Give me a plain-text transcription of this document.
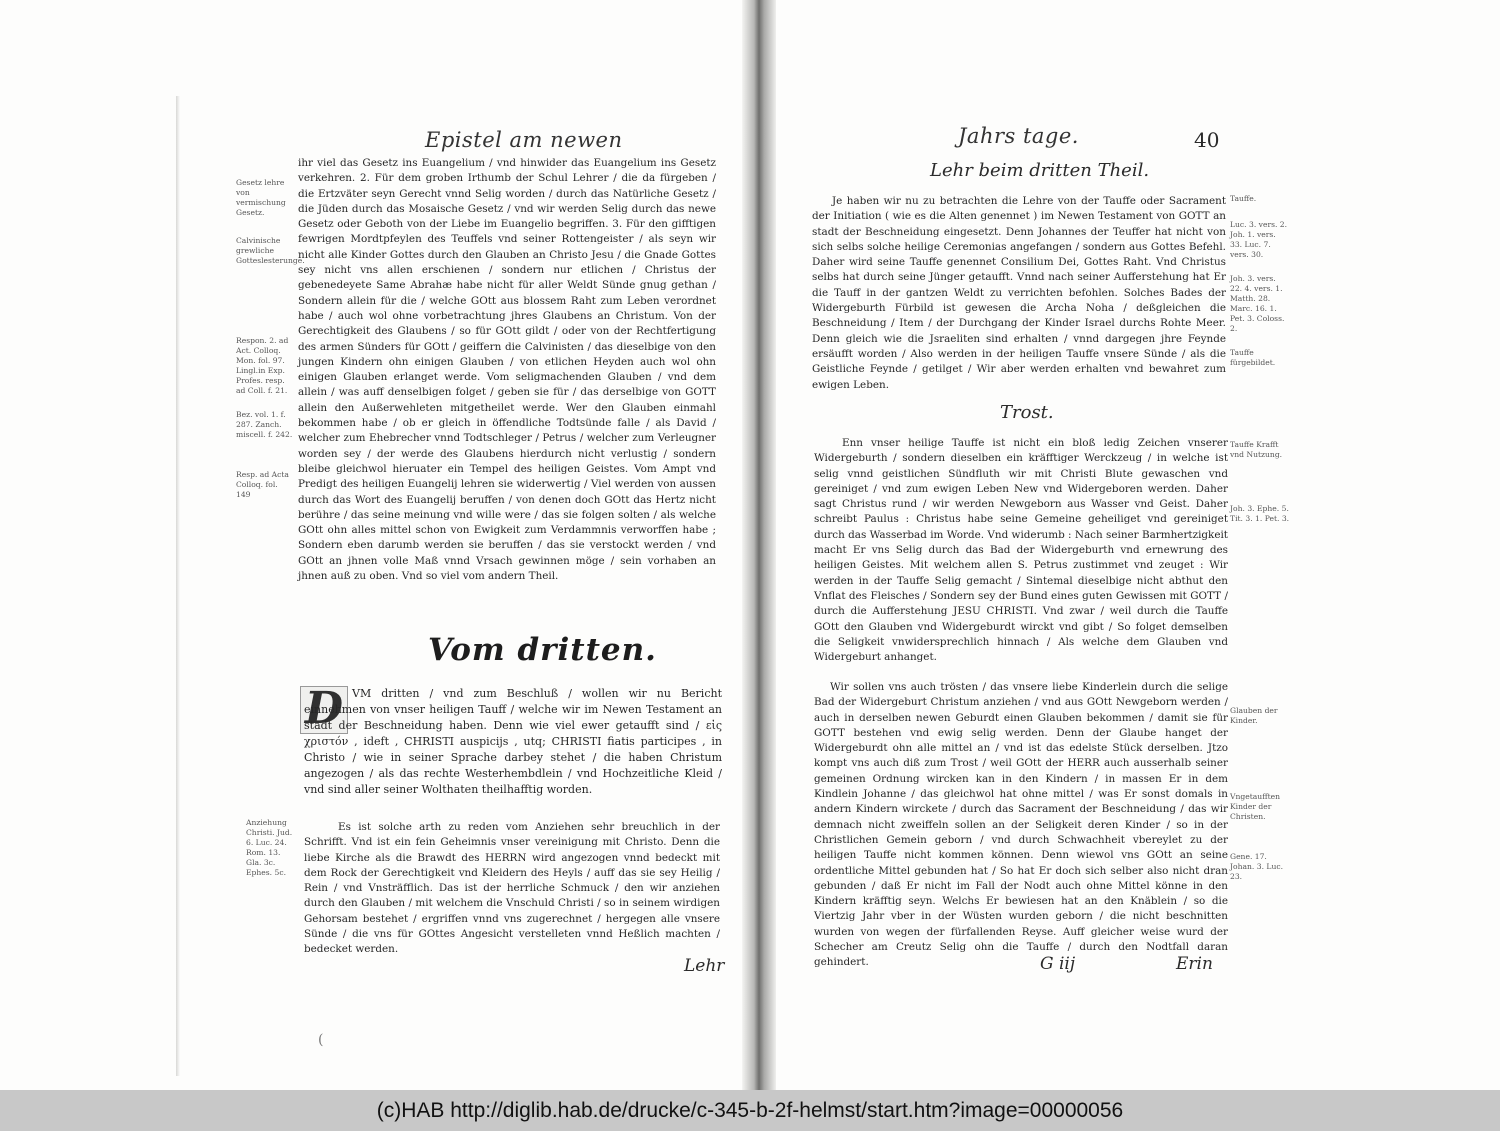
Epistel am newen
Gesetz lehre von vermischung Gesetz.
Calvinische grewliche Gotteslesterunge.
Respon. 2. ad Act. Colloq. Mon. fol. 97. Lingl.in Exp. Profes. resp. ad Coll. f. 21.
Bez. vol. 1. f. 287. Zanch. miscell. f. 242.
Resp. ad Acta Colloq. fol. 149

ihr viel das Gesetz ins Euangelium / vnd hinwider das Euangelium ins Gesetz verkehren. 2. Für dem groben Irthumb der Schul Lehrer / die da fürgeben / die Ertzväter seyn Gerecht vnnd Selig worden / durch das Natürliche Gesetz / die Jüden durch das Mosaische Gesetz / vnd wir werden Selig durch das newe Gesetz oder Geboth von der Liebe im Euangelio begriffen. 3. Für den gifftigen fewrigen Mordtpfeylen des Teuffels vnd seiner Rottengeister / als seyn wir nicht alle Kinder Gottes durch den Glauben an Christo Jesu / die Gnade Gottes sey nicht vns allen erschienen / sondern nur etlichen / Christus der gebenedeyete Same Abrahæ habe nicht für aller Weldt Sünde gnug gethan / Sondern allein für die / welche GOtt aus blossem Raht zum Leben verordnet habe / auch wol ohne vorbetrachtung jhres Glaubens an Christum. Von der Gerechtigkeit des Glaubens / so für GOtt gildt / oder von der Rechtfertigung des armen Sünders für GOtt / geiffern die Calvinisten / das dieselbige von den jungen Kindern ohn einigen Glauben / von etlichen Heyden auch wol ohn einigen Glauben erlanget werde. Vom seligmachenden Glauben / vnd dem allein / was auff denselbigen folget / geben sie für / das derselbige von GOTT allein den Außerwehleten mitgetheilet werde. Wer den Glauben einmahl bekommen habe / ob er gleich in öffendliche Todtsünde falle / als David / welcher zum Ehebrecher vnnd Todtschleger / Petrus / welcher zum Verleugner worden sey / der werde des Glaubens hierdurch nicht verlustig / sondern bleibe gleichwol hieruater ein Tempel des heiligen Geistes. Vom Ampt vnd Predigt des heiligen Euangelij lehren sie widerwertig / Viel werden von aussen durch das Wort des Euangelij beruffen / von denen doch GOtt das Hertz nicht berühre / das seine meinung vnd wille were / das sie folgen solten / als welche GOtt ohn alles mittel schon von Ewigkeit zum Verdammnis verworffen habe ; Sondern eben darumb werden sie beruffen / das sie verstockt werden / vnd GOtt an jhnen volle Maß vnnd Vrsach gewinnen möge / sein vorhaben an jhnen auß zu oben. Vnd so viel vom andern Theil.

Vom dritten.
D VM dritten / vnd zum Beschluß / wollen wir nu Bericht einnehmen von vnser heiligen Tauff / welche wir im Newen Testament an stadt der Beschneidung haben. Denn wie viel ewer getaufft sind / εἰς χριστόν , ideft , CHRISTI auspicijs , utq; CHRISTI fiatis participes , in Christo / wie in seiner Sprache darbey stehet / die haben Christum angezogen / als das rechte Westerhembdlein / vnd Hochzeitliche Kleid / vnd sind aller seiner Wolthaten theilhafftig worden.

Anziehung Christi. Jud. 6. Luc. 24. Rom. 13. Gla. 3c. Ephes. 5c.

Es ist solche arth zu reden vom Anziehen sehr breuchlich in der Schrifft. Vnd ist ein fein Geheimnis vnser vereinigung mit Christo. Denn die liebe Kirche als die Brawdt des HERRN wird angezogen vnnd bedeckt mit dem Rock der Gerechtigkeit vnd Kleidern des Heyls / auff das sie sey Heilig / Rein / vnd Vnsträfflich. Das ist der herrliche Schmuck / den wir anziehen durch den Glauben / mit welchem die Vnschuld Christi / so in seinem wirdigen Gehorsam bestehet / ergriffen vnnd vns zugerechnet / hergegen alle vnsere Sünde / die vns für GOttes Angesicht verstelleten vnnd Heßlich machten / bedecket werden.

Lehr
(
Jahrs tage.	40
Lehr beim dritten Theil.

Je haben wir nu zu betrachten die Lehre von der Tauffe oder Sacrament der Initiation ( wie es die Alten genennet ) im Newen Testament von GOTT an stadt der Beschneidung eingesetzt. Denn Johannes der Teuffer hat nicht von sich selbs solche heilige Ceremonias angefangen / sondern aus Gottes Befehl. Daher wird seine Tauffe genennet Consilium Dei, Gottes Raht. Vnd Christus selbs hat durch seine Jünger getaufft. Vnnd nach seiner Aufferstehung hat Er die Tauff in der gantzen Weldt zu verrichten befohlen. Solches Bades der Widergeburth Fürbild ist gewesen die Archa Noha / deßgleichen die Beschneidung / Item / der Durchgang der Kinder Israel durchs Rohte Meer. Denn gleich wie die Jsraeliten sind erhalten / vnnd dargegen jhre Feynde ersäufft worden / Also werden in der heiligen Tauffe vnsere Sünde / als die Geistliche Feynde / getilget / Wir aber werden erhalten vnd bewahret zum ewigen Leben.

Tauffe.
Luc. 3. vers. 2. Joh. 1. vers. 33. Luc. 7. vers. 30.
Joh. 3. vers. 22. 4. vers. 1. Matth. 28. Marc. 16. 1. Pet. 3. Coloss. 2.
Tauffe fürgebildet.
Trost.

Enn vnser heilige Tauffe ist nicht ein bloß ledig Zeichen vnserer Widergeburth / sondern dieselben ein kräfftiger Werckzeug / in welche ist selig vnnd geistlichen Sündfluth wir mit Christi Blute gewaschen vnd gereiniget / vnd zum ewigen Leben New vnd Widergeboren werden. Daher sagt Christus rund / wir werden Newgeborn aus Wasser vnd Geist. Daher schreibt Paulus : Christus habe seine Gemeine geheiliget vnd gereiniget durch das Wasserbad im Worde. Vnd widerumb : Nach seiner Barmhertzigkeit macht Er vns Selig durch das Bad der Widergeburth vnd ernewrung des heiligen Geistes. Mit welchem allen S. Petrus zustimmet vnd zeuget : Wir werden in der Tauffe Selig gemacht / Sintemal dieselbige nicht abthut den Vnflat des Fleisches / Sondern sey der Bund eines guten Gewissen mit GOTT / durch die Aufferstehung JESU CHRISTI. Vnd zwar / weil durch die Tauffe GOtt den Glauben vnd Widergeburdt wirckt vnd gibt / So folget demselben die Seligkeit vnwidersprechlich hinnach / Als welche dem Glauben vnd Widergeburt anhanget.

Tauffe Krafft vnd Nutzung.
Joh. 3. Ephe. 5. Tit. 3. 1. Pet. 3.

Wir sollen vns auch trösten / das vnsere liebe Kinderlein durch die selige Bad der Widergeburt Christum anziehen / vnd aus GOtt Newgeborn werden / auch in derselben newen Geburdt einen Glauben bekommen / damit sie für GOTT bestehen vnd ewig selig werden. Denn der Glaube hanget der Widergeburdt ohn alle mittel an / vnd ist das edelste Stück derselben. Jtzo kompt vns auch diß zum Trost / weil GOtt der HERR auch ausserhalb seiner gemeinen Ordnung wircken kan in den Kindern / in massen Er in dem Kindlein Johanne / das gleichwol hat ohne mittel / was Er sonst domals in andern Kindern wirckete / durch das Sacrament der Beschneidung / das wir demnach nicht zweiffeln sollen an der Seligkeit deren Kinder / so in der Christlichen Gemein geborn / vnd durch Schwachheit vbereylet zu der heiligen Tauffe nicht kommen können. Denn wiewol vns GOtt an seine ordentliche Mittel gebunden hat / So hat Er doch sich selber also nicht dran gebunden / daß Er nicht im Fall der Nodt auch ohne Mittel könne in den Kindern kräfftig seyn. Welchs Er bewiesen hat an den Knäblein / so die Viertzig Jahr vber in der Wüsten wurden geborn / die nicht beschnitten wurden von wegen der fürfallenden Reyse. Auff gleicher weise wurd der Schecher am Creutz Selig ohn die Tauffe / durch den Nodtfall daran gehindert.

Glauben der Kinder.
Vngetaufften Kinder der Christen.
Gene. 17. Johan. 3. Luc. 23.
G iij	Erin
(c)HAB http://diglib.hab.de/drucke/c-345-b-2f-helmst/start.htm?image=00000056
